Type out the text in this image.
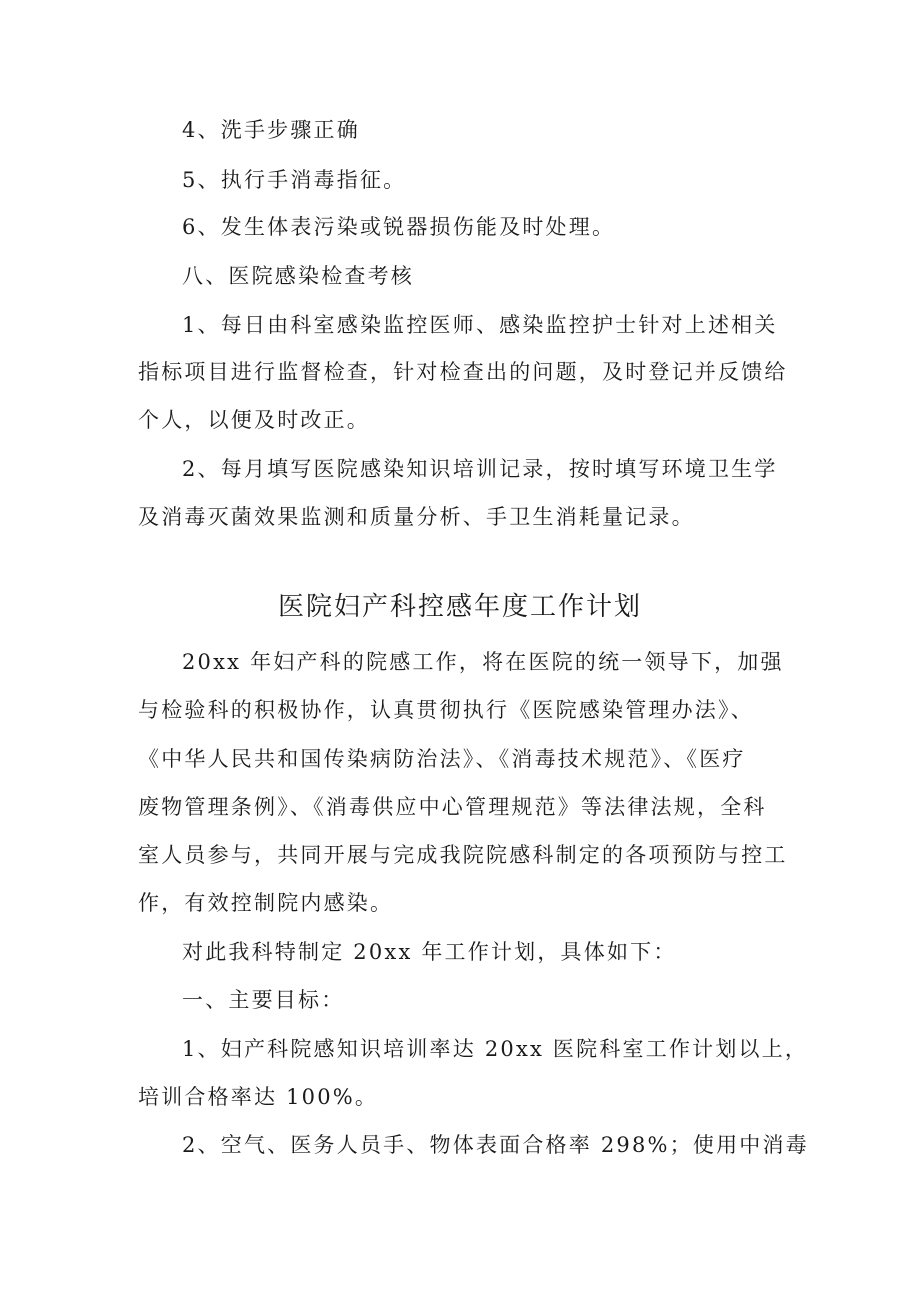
4、洗手步骤正确
5、执行手消毒指征。
6、发生体表污染或锐器损伤能及时处理。
八、医院感染检查考核
1、每日由科室感染监控医师、感染监控护士针对上述相关
指标项目进行监督检查，针对检查出的问题，及时登记并反馈给
个人，以便及时改正。
2、每月填写医院感染知识培训记录，按时填写环境卫生学
及消毒灭菌效果监测和质量分析、手卫生消耗量记录。
医院妇产科控感年度工作计划
20xx 年妇产科的院感工作，将在医院的统一领导下，加强
与检验科的积极协作，认真贯彻执行《医院感染管理办法》、
《中华人民共和国传染病防治法》、《消毒技术规范》、《医疗
废物管理条例》、《消毒供应中心管理规范》等法律法规，全科
室人员参与，共同开展与完成我院院感科制定的各项预防与控工
作，有效控制院内感染。
对此我科特制定 20xx 年工作计划，具体如下：
一、主要目标：
1、妇产科院感知识培训率达 20xx 医院科室工作计划以上，
培训合格率达 100%。
2、空气、医务人员手、物体表面合格率 298%；使用中消毒
